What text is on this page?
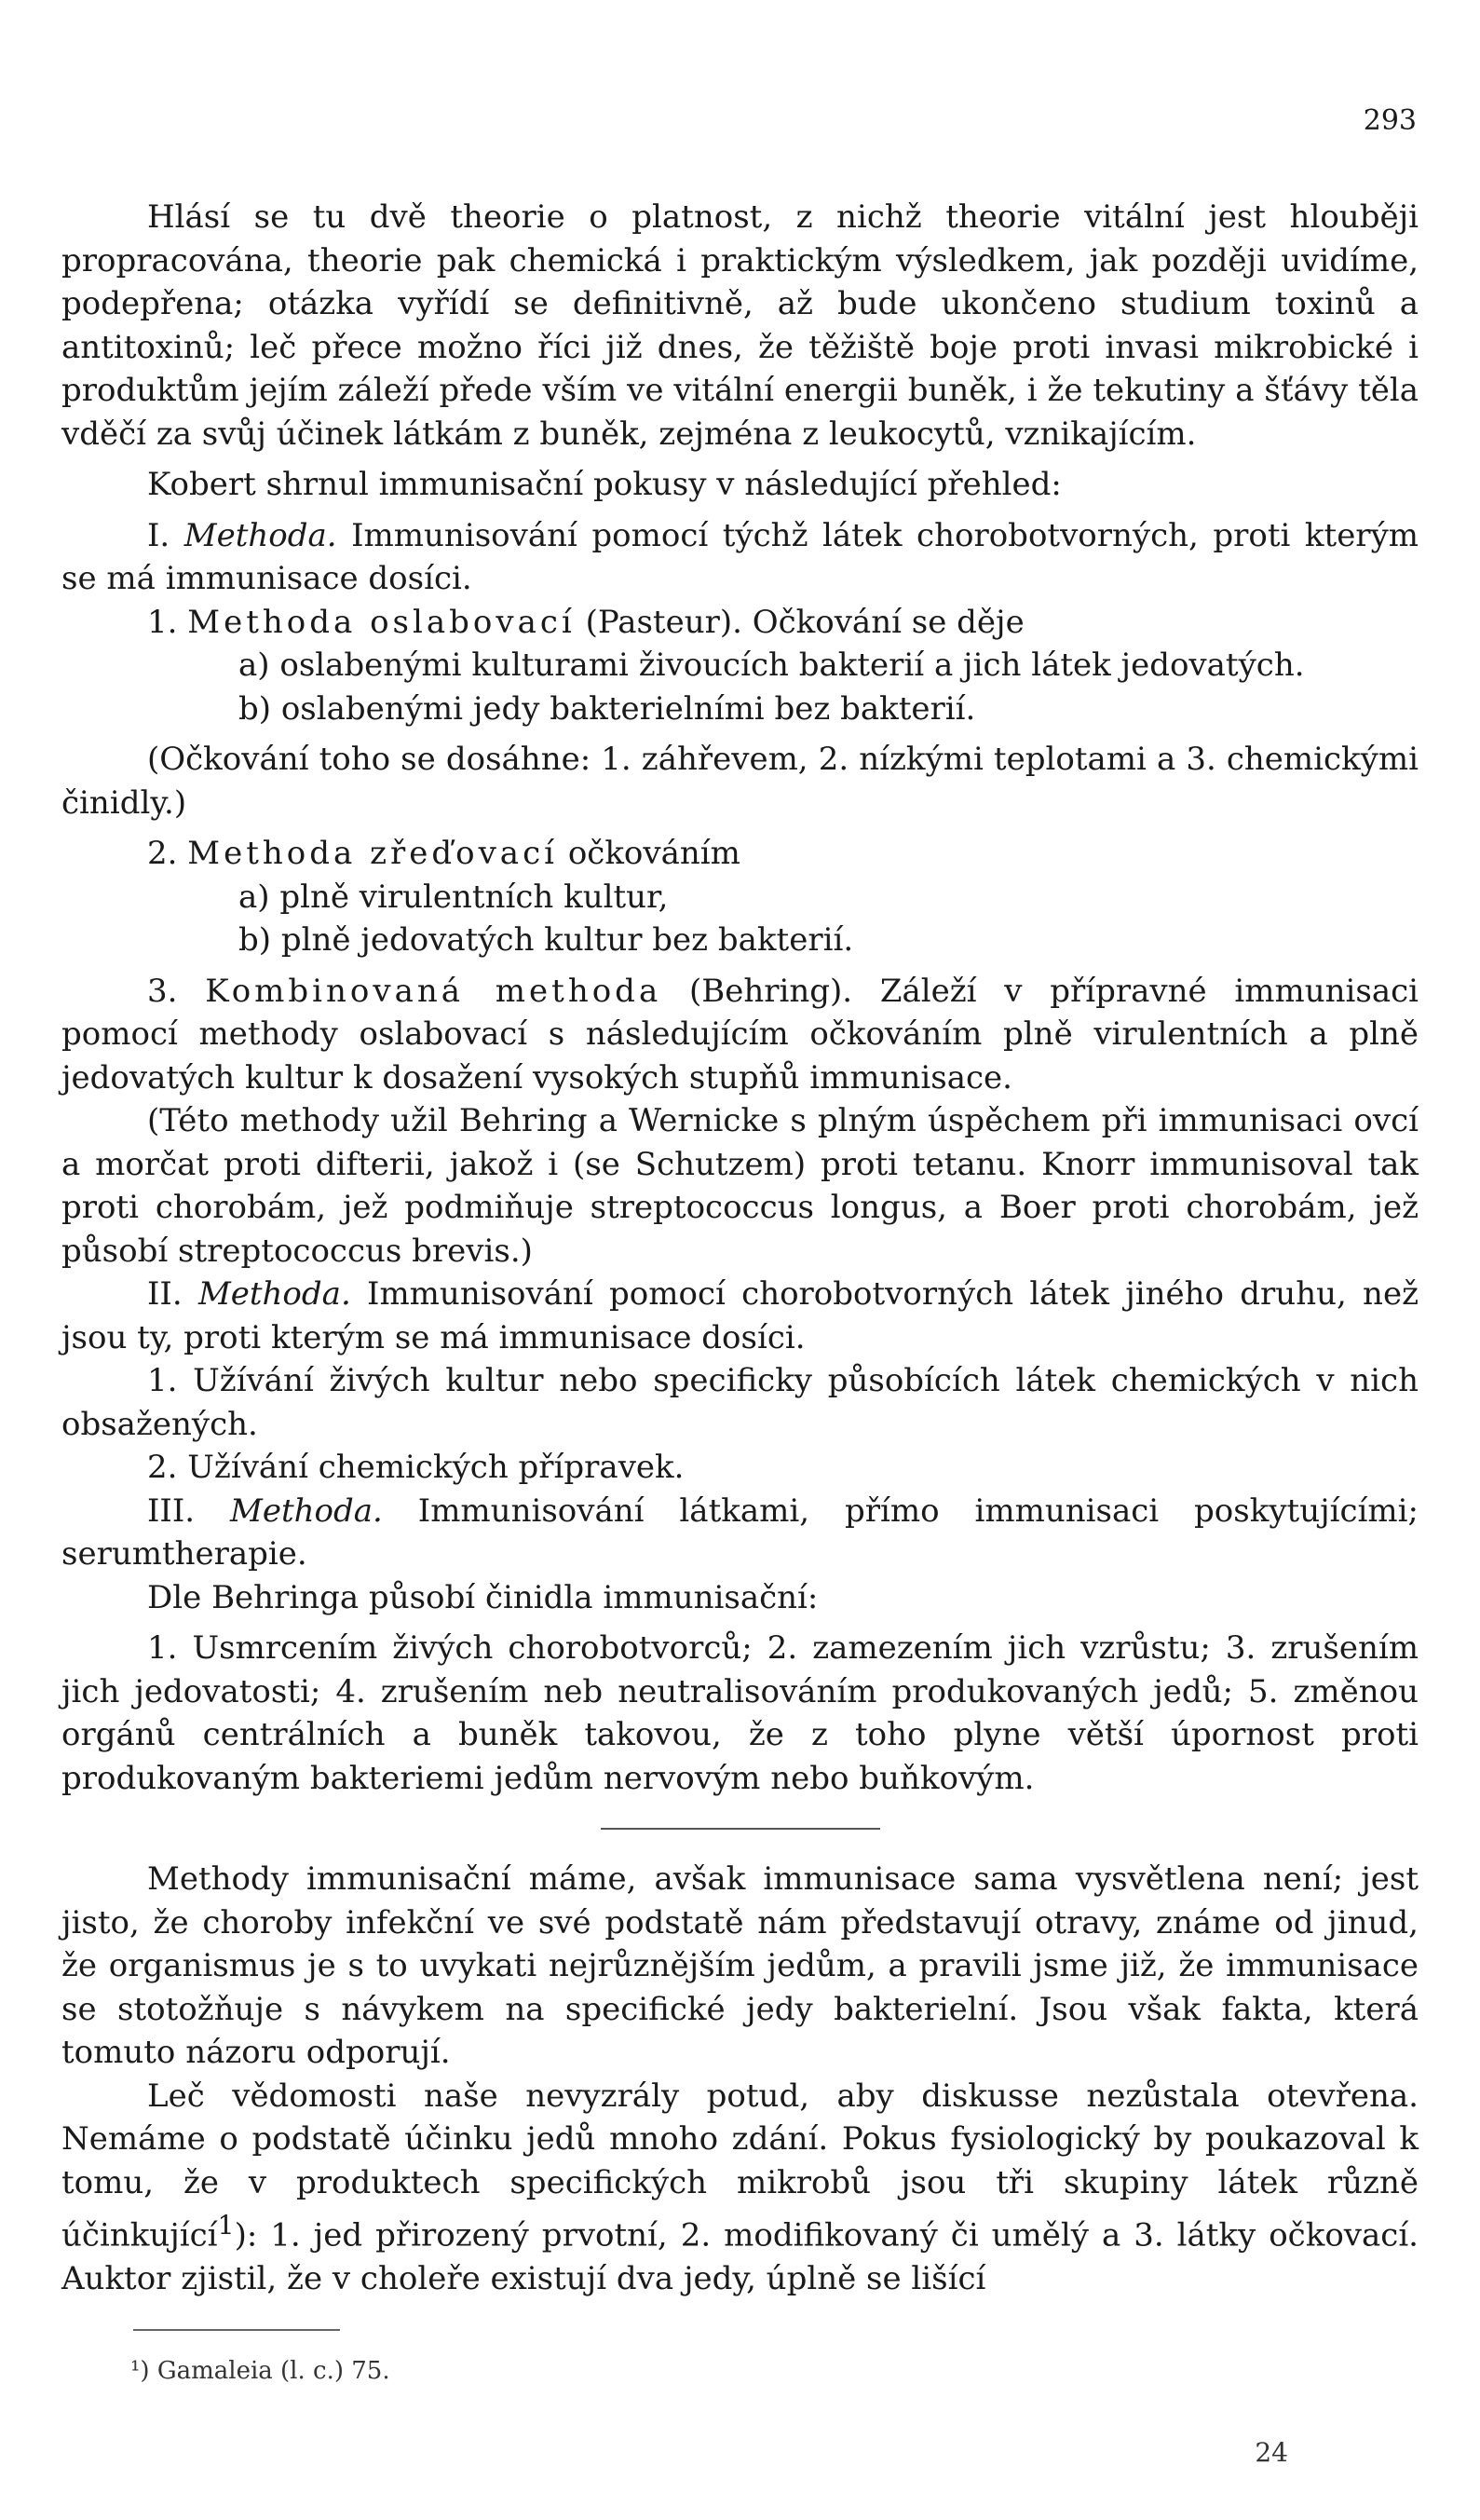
293

Hlásí se tu dvě theorie o platnost, z nichž theorie vitální jest hlouběji propracována, theorie pak chemická i praktickým výsledkem, jak později uvidíme, podepřena; otázka vyřídí se definitivně, až bude ukončeno studium toxinů a antitoxinů; leč přece možno říci již dnes, že těžiště boje proti invasi mikrobické i produktům jejím záleží přede vším ve vitální energii buněk, i že tekutiny a šťávy těla vděčí za svůj účinek látkám z buněk, zejména z leukocytů, vznikajícím.

Kobert shrnul immunisační pokusy v následující přehled:

I. Methoda. Immunisování pomocí týchž látek chorobotvorných, proti kterým se má immunisace dosíci.

1. Methoda oslabovací (Pasteur). Očkování se děje

a) oslabenými kulturami živoucích bakterií a jich látek jedovatých.

b) oslabenými jedy bakterielními bez bakterií.

(Očkování toho se dosáhne: 1. záhřevem, 2. nízkými teplotami a 3. chemickými činidly.)

2. Methoda zřeďovací očkováním

a) plně virulentních kultur,

b) plně jedovatých kultur bez bakterií.

3. Kombinovaná methoda (Behring). Záleží v přípravné immunisaci pomocí methody oslabovací s následujícím očkováním plně virulentních a plně jedovatých kultur k dosažení vysokých stupňů immunisace.

(Této methody užil Behring a Wernicke s plným úspěchem při immunisaci ovcí a morčat proti difterii, jakož i (se Schutzem) proti tetanu. Knorr immunisoval tak proti chorobám, jež podmiňuje streptococcus longus, a Boer proti chorobám, jež působí streptococcus brevis.)

II. Methoda. Immunisování pomocí chorobotvorných látek jiného druhu, než jsou ty, proti kterým se má immunisace dosíci.

1. Užívání živých kultur nebo specificky působících látek chemických v nich obsažených.

2. Užívání chemických přípravek.

III. Methoda. Immunisování látkami, přímo immunisaci poskytujícími; serumtherapie.

Dle Behringa působí činidla immunisační:

1. Usmrcením živých chorobotvorců; 2. zamezením jich vzrůstu; 3. zrušením jich jedovatosti; 4. zrušením neb neutralisováním produkovaných jedů; 5. změnou orgánů centrálních a buněk takovou, že z toho plyne větší úpornost proti produkovaným bakteriemi jedům nervovým nebo buňkovým.

Methody immunisační máme, avšak immunisace sama vysvětlena není; jest jisto, že choroby infekční ve své podstatě nám představují otravy, známe od jinud, že organismus je s to uvykati nejrůznějším jedům, a pravili jsme již, že immunisace se stotožňuje s návykem na specifické jedy bakterielní. Jsou však fakta, která tomuto názoru odporují.

Leč vědomosti naše nevyzrály potud, aby diskusse nezůstala otevřena. Nemáme o podstatě účinku jedů mnoho zdání. Pokus fysiologický by poukazoval k tomu, že v produktech specifických mikrobů jsou tři skupiny látek různě účinkující$^1$): 1. jed přirozený prvotní, 2. modifikovaný či umělý a 3. látky očkovací. Auktor zjistil, že v choleře existují dva jedy, úplně se lišící

¹) Gamaleia (l. c.) 75.
24
